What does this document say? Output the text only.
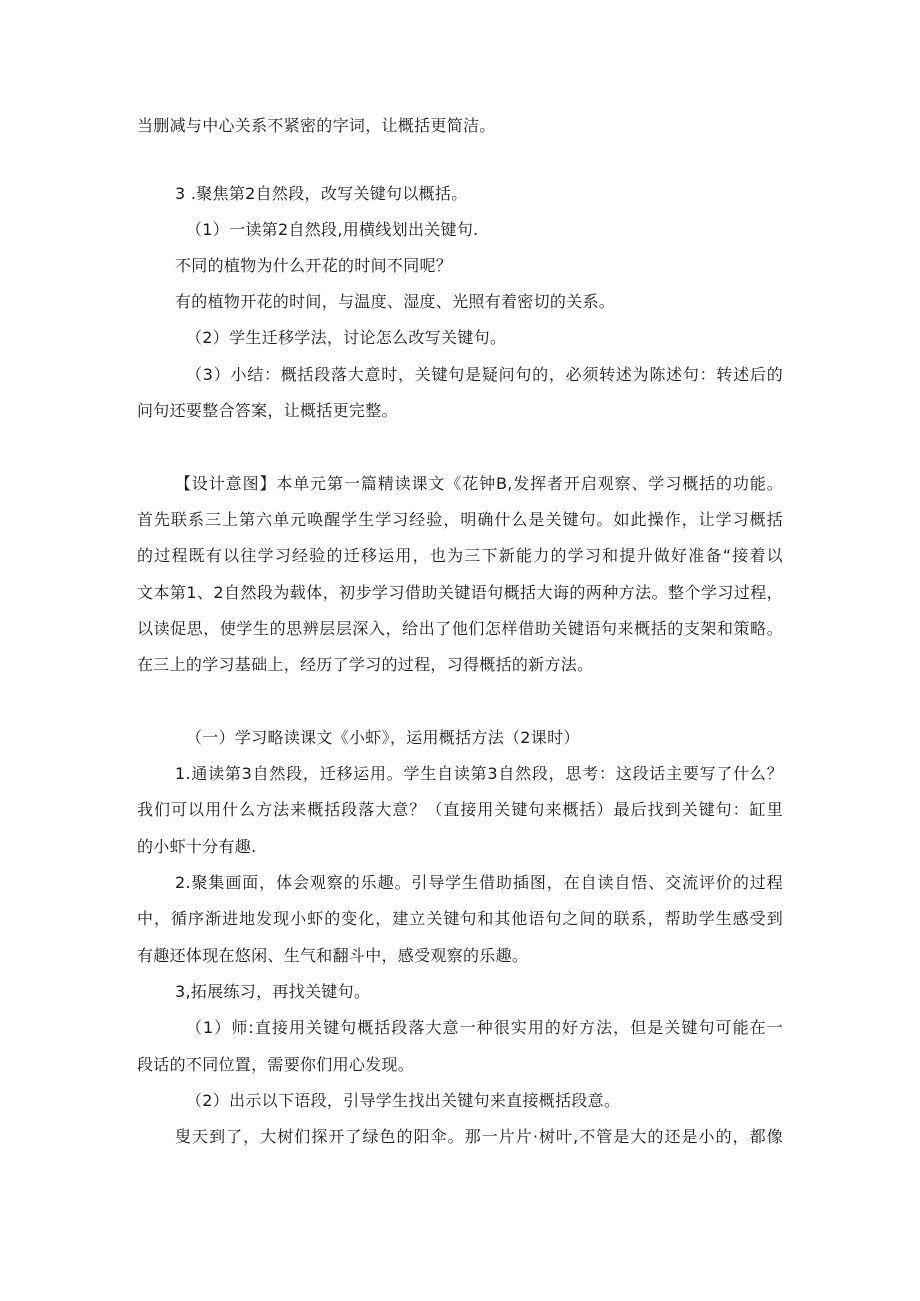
当删减与中心关系不紧密的字词，让概括更简洁。
3 .聚焦第2自然段，改写关键句以概括。
（1）一读第2自然段,用横线划出关键句.
不同的植物为什么开花的时间不同呢？
有的植物开花的时间，与温度、湿度、光照有着密切的关系。
（2）学生迁移学法，讨论怎么改写关键句。
（3）小结：概括段落大意时，关键句是疑问句的，必须转述为陈述句：转述后的
问句还要整合答案，让概括更完整。
【设计意图】本单元第一篇精读课文《花钟B,发挥者开启观察、学习概括的功能。
首先联系三上第六单元唤醒学生学习经验，明确什么是关键句。如此操作，让学习概括
的过程既有以往学习经验的迁移运用，也为三下新能力的学习和提升做好准备“接着以
文本第1、2自然段为载体，初步学习借助关键语句概括大诲的两种方法。整个学习过程，
以读促思，使学生的思辨层层深入，给出了他们怎样借助关键语句来概括的支架和策略。
在三上的学习基础上，经历了学习的过程，习得概括的新方法。
（一）学习略读课文《小虾》，运用概括方法（2课时）
1.通读第3自然段，迁移运用。学生自读第3自然段，思考：这段话主要写了什么？
我们可以用什么方法来概括段落大意？（直接用关键句来概括）最后找到关键句：缸里
的小虾十分有趣.
2.聚集画面，体会观察的乐趣。引导学生借助插图，在自读自悟、交流评价的过程
中，循序渐进地发现小虾的变化，建立关键句和其他语句之间的联系，帮助学生感受到
有趣还体现在悠闲、生气和翻斗中，感受观察的乐趣。
3,拓展练习，再找关键句。
（1）师:直接用关键句概括段落大意一种很实用的好方法，但是关键句可能在一
段话的不同位置，需要你们用心发现。
（2）出示以下语段，引导学生找出关键句来直接概括段意。
叟天到了，大树们探开了绿色的阳伞。那一片片·树叶,不管是大的还是小的，都像
